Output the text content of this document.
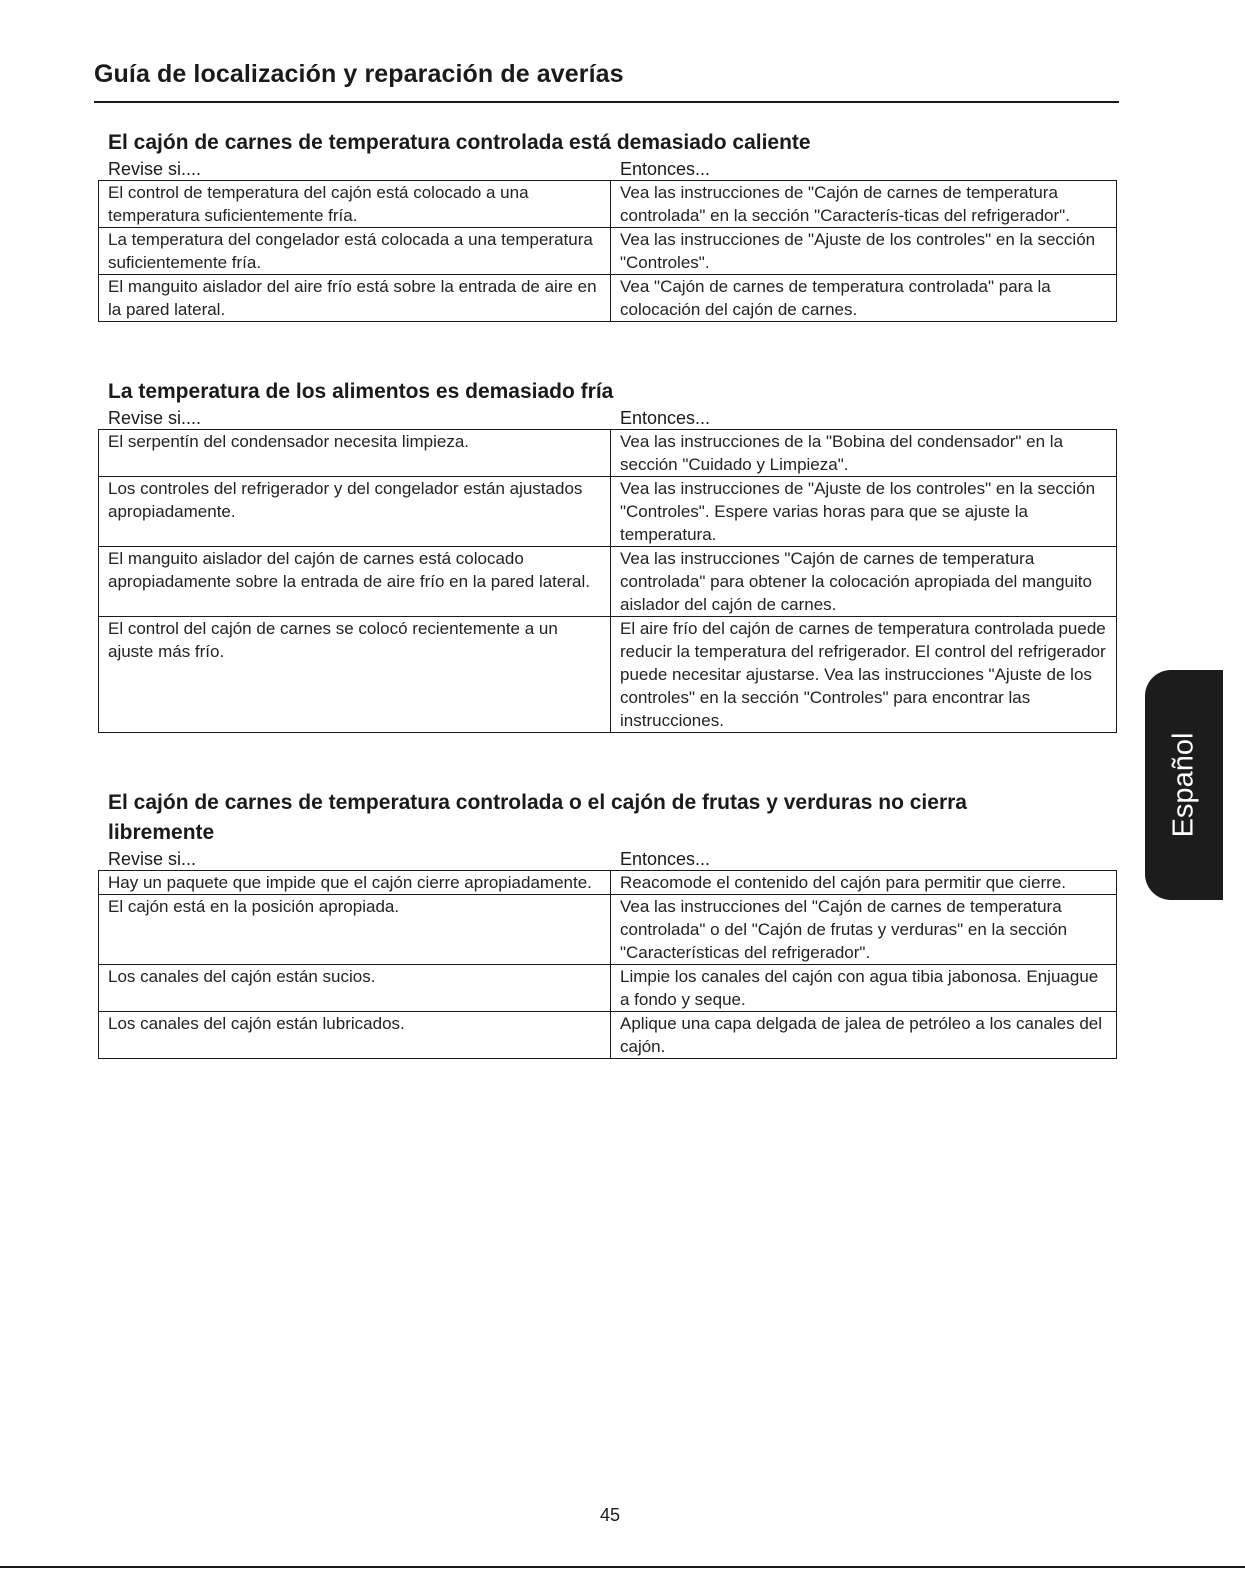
Guía de localización y reparación de averías
El cajón de carnes de temperatura controlada está demasiado caliente
Revise si....	Entonces...
El control de temperatura del cajón está colocado a una temperatura suficientemente fría.	Vea las instrucciones de "Cajón de carnes de temperatura controlada" en la sección "Caracterís-ticas del refrigerador".
La temperatura del congelador está colocada a una temperatura suficientemente fría.	Vea las instrucciones de "Ajuste de los controles" en la sección "Controles".
El manguito aislador del aire frío está sobre la entrada de aire en la pared lateral.	Vea "Cajón de carnes de temperatura controlada" para la colocación del cajón de carnes.
La temperatura de los alimentos es demasiado fría
Revise si....	Entonces...
El serpentín del condensador necesita limpieza.	Vea las instrucciones de la "Bobina del condensador" en la sección "Cuidado y Limpieza".
Los controles del refrigerador y del congelador están ajustados apropiadamente.	Vea las instrucciones de "Ajuste de los controles" en la sección "Controles". Espere varias horas para que se ajuste la temperatura.
El manguito aislador del cajón de carnes está colocado apropiadamente sobre la entrada de aire frío en la pared lateral.	Vea las instrucciones "Cajón de carnes de temperatura controlada" para obtener la colocación apropiada del manguito aislador del cajón de carnes.
El control del cajón de carnes se colocó recientemente a un ajuste más frío.	El aire frío del cajón de carnes de temperatura controlada puede reducir la temperatura del refrigerador. El control del refrigerador puede necesitar ajustarse. Vea las instrucciones "Ajuste de los controles" en la sección "Controles" para encontrar las instrucciones.
El cajón de carnes de temperatura controlada o el cajón de frutas y verduras no cierra libremente
Revise si...	Entonces...
Hay un paquete que impide que el cajón cierre apropiadamente.	Reacomode el contenido del cajón para permitir que cierre.
El cajón está en la posición apropiada.	Vea las instrucciones del "Cajón de carnes de temperatura controlada" o del "Cajón de frutas y verduras" en la sección "Características del refrigerador".
Los canales del cajón están sucios.	Limpie los canales del cajón con agua tibia jabonosa. Enjuague a fondo y seque.
Los canales del cajón están lubricados.	Aplique una capa delgada de jalea de petróleo a los canales del cajón.
Español
45
